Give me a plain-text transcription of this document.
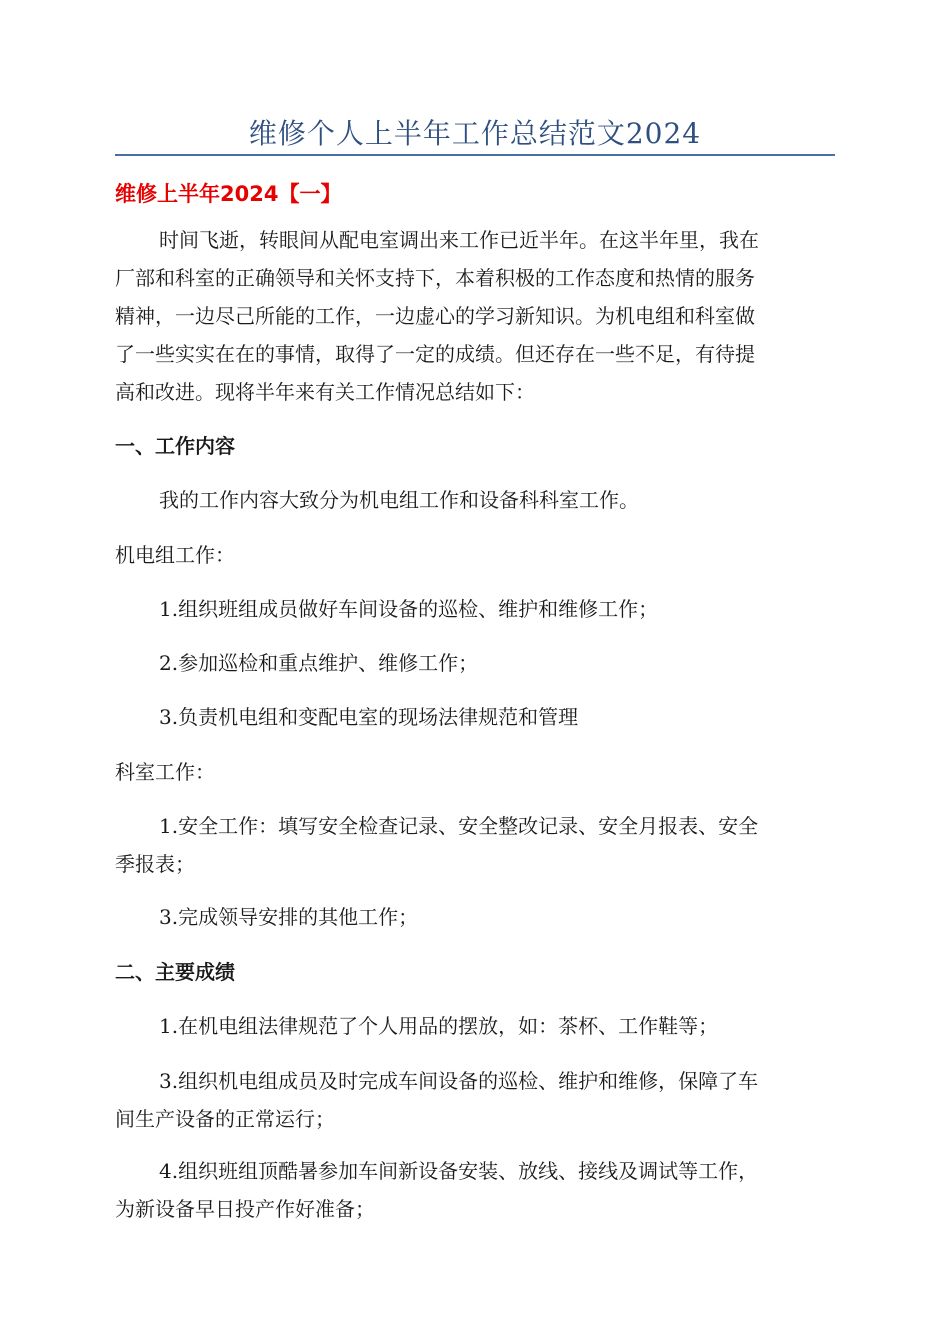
维修个人上半年工作总结范文2024
维修上半年2024【一】
时间飞逝，转眼间从配电室调出来工作已近半年。在这半年里，我在
厂部和科室的正确领导和关怀支持下，本着积极的工作态度和热情的服务
精神，一边尽己所能的工作，一边虚心的学习新知识。为机电组和科室做
了一些实实在在的事情，取得了一定的成绩。但还存在一些不足，有待提
高和改进。现将半年来有关工作情况总结如下：
一、工作内容
我的工作内容大致分为机电组工作和设备科科室工作。
机电组工作：
1.组织班组成员做好车间设备的巡检、维护和维修工作；
2.参加巡检和重点维护、维修工作；
3.负责机电组和变配电室的现场法律规范和管理
科室工作：
1.安全工作：填写安全检查记录、安全整改记录、安全月报表、安全
季报表；
3.完成领导安排的其他工作；
二、主要成绩
1.在机电组法律规范了个人用品的摆放，如：茶杯、工作鞋等；
3.组织机电组成员及时完成车间设备的巡检、维护和维修，保障了车
间生产设备的正常运行；
4.组织班组顶酷暑参加车间新设备安装、放线、接线及调试等工作，
为新设备早日投产作好准备；
